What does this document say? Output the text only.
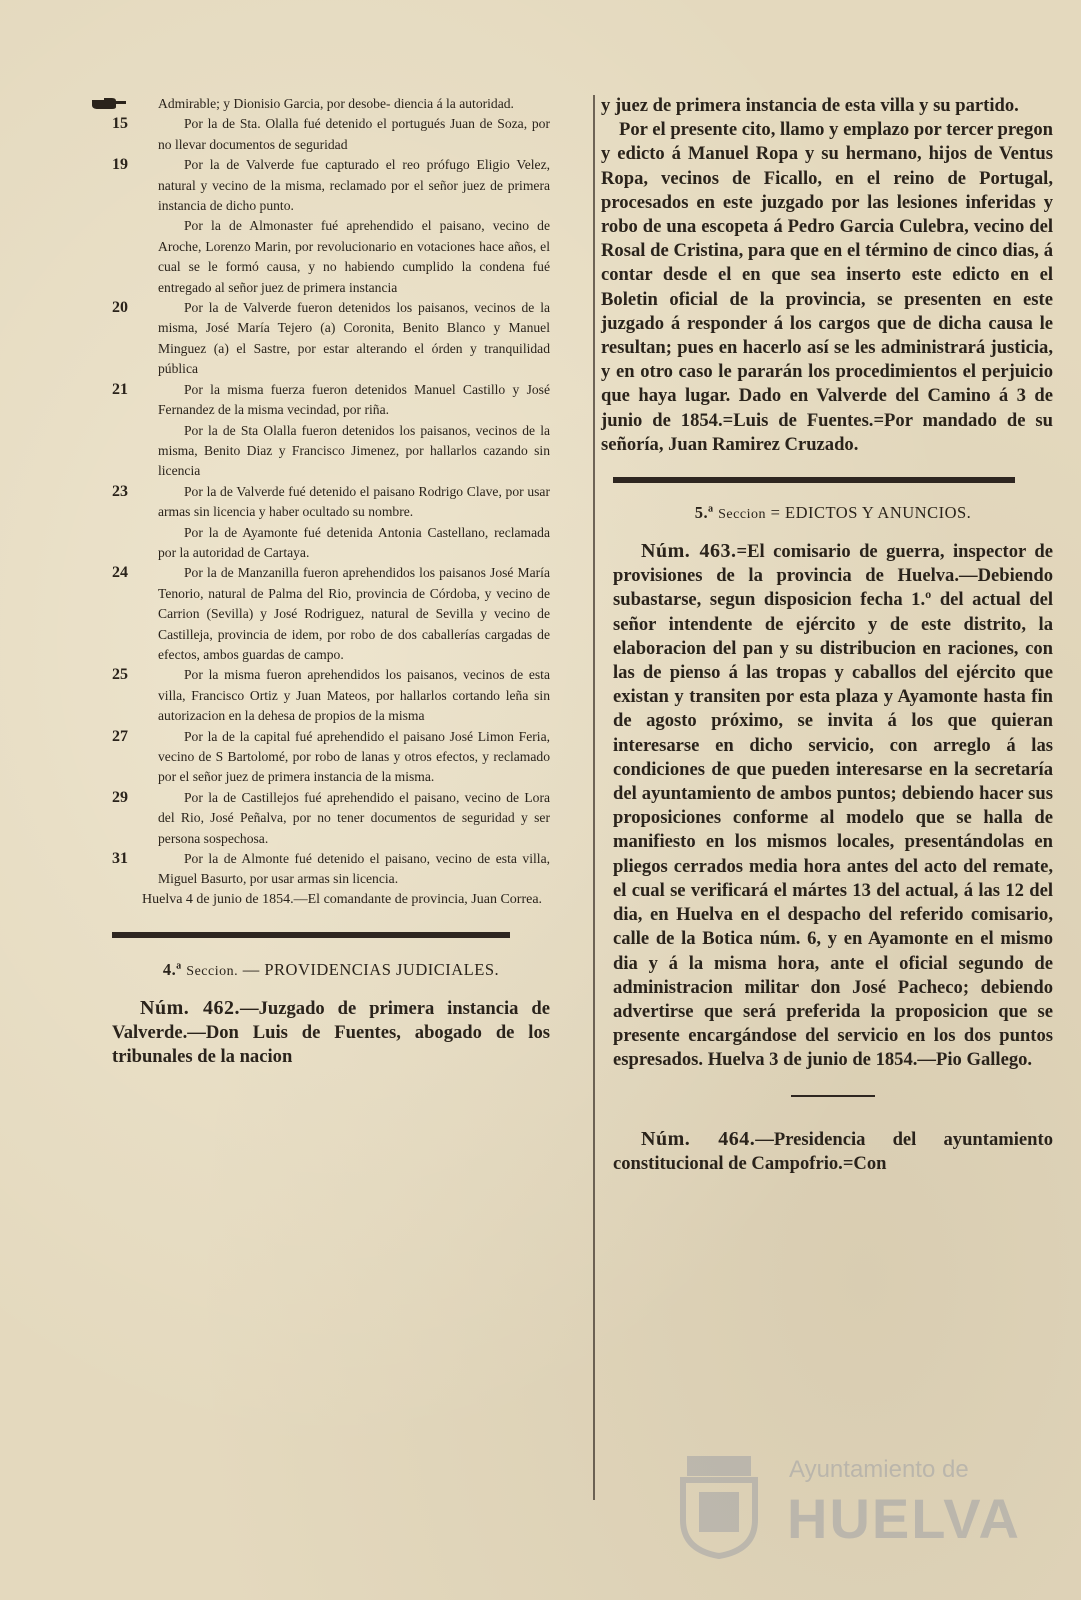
Admirable; y Dionisio Garcia, por desobe- diencia á la autoridad.
15	Por la de Sta. Olalla fué detenido el portugués Juan de Soza, por no llevar documentos de seguridad
19	Por la de Valverde fue capturado el reo prófugo Eligio Velez, natural y vecino de la misma, reclamado por el señor juez de primera instancia de dicho punto.
Por la de Almonaster fué aprehendido el paisano, vecino de Aroche, Lorenzo Marin, por revolucionario en votaciones hace años, el cual se le formó causa, y no habiendo cumplido la condena fué entregado al señor juez de primera instancia
20	Por la de Valverde fueron detenidos los paisanos, vecinos de la misma, José María Tejero (a) Coronita, Benito Blanco y Manuel Minguez (a) el Sastre, por estar alterando el órden y tranquilidad pública
21	Por la misma fuerza fueron detenidos Manuel Castillo y José Fernandez de la misma vecindad, por riña.
Por la de Sta Olalla fueron detenidos los paisanos, vecinos de la misma, Benito Diaz y Francisco Jimenez, por hallarlos cazando sin licencia
23	Por la de Valverde fué detenido el paisano Rodrigo Clave, por usar armas sin licencia y haber ocultado su nombre.
Por la de Ayamonte fué detenida Antonia Castellano, reclamada por la autoridad de Cartaya.
24	Por la de Manzanilla fueron aprehendidos los paisanos José María Tenorio, natural de Palma del Rio, provincia de Córdoba, y vecino de Carrion (Sevilla) y José Rodriguez, natural de Sevilla y vecino de Castilleja, provincia de idem, por robo de dos caballerías cargadas de efectos, ambos guardas de campo.
25	Por la misma fueron aprehendidos los paisanos, vecinos de esta villa, Francisco Ortiz y Juan Mateos, por hallarlos cortando leña sin autorizacion en la dehesa de propios de la misma
27	Por la de la capital fué aprehendido el paisano José Limon Feria, vecino de S Bartolomé, por robo de lanas y otros efectos, y reclamado por el señor juez de primera instancia de la misma.
29	Por la de Castillejos fué aprehendido el paisano, vecino de Lora del Rio, José Peñalva, por no tener documentos de seguridad y ser persona sospechosa.
31	Por la de Almonte fué detenido el paisano, vecino de esta villa, Miguel Basurto, por usar armas sin licencia.
Huelva 4 de junio de 1854.—El comandante de provincia, Juan Correa.
4.ª Seccion. — PROVIDENCIAS JUDICIALES.
Núm. 462.—Juzgado de primera instancia de Valverde.—Don Luis de Fuentes, abogado de los tribunales de la nacion
y juez de primera instancia de esta villa y su partido.
Por el presente cito, llamo y emplazo por tercer pregon y edicto á Manuel Ropa y su hermano, hijos de Ventus Ropa, vecinos de Ficallo, en el reino de Portugal, procesados en este juzgado por las lesiones inferidas y robo de una escopeta á Pedro Garcia Culebra, vecino del Rosal de Cristina, para que en el término de cinco dias, á contar desde el en que sea inserto este edicto en el Boletin oficial de la provincia, se presenten en este juzgado á responder á los cargos que de dicha causa le resultan; pues en hacerlo así se les administrará justicia, y en otro caso le pararán los procedimientos el perjuicio que haya lugar. Dado en Valverde del Camino á 3 de junio de 1854.=Luis de Fuentes.=Por mandado de su señoría, Juan Ramirez Cruzado.
5.ª Seccion = EDICTOS Y ANUNCIOS.
Núm. 463.=El comisario de guerra, inspector de provisiones de la provincia de Huelva.—Debiendo subastarse, segun disposicion fecha 1.º del actual del señor intendente de ejército y de este distrito, la elaboracion del pan y su distribucion en raciones, con las de pienso á las tropas y caballos del ejército que existan y transiten por esta plaza y Ayamonte hasta fin de agosto próximo, se invita á los que quieran interesarse en dicho servicio, con arreglo á las condiciones de que pueden interesarse en la secretaría del ayuntamiento de ambos puntos; debiendo hacer sus proposiciones conforme al modelo que se halla de manifiesto en los mismos locales, presentándolas en pliegos cerrados media hora antes del acto del remate, el cual se verificará el mártes 13 del actual, á las 12 del dia, en Huelva en el despacho del referido comisario, calle de la Botica núm. 6, y en Ayamonte en el mismo dia y á la misma hora, ante el oficial segundo de administracion militar don José Pacheco; debiendo advertirse que será preferida la proposicion que se presente encargándose del servicio en los dos puntos espresados. Huelva 3 de junio de 1854.—Pio Gallego.
Núm. 464.—Presidencia del ayuntamiento constitucional de Campofrio.=Con
Ayuntamiento de
HUELVA
